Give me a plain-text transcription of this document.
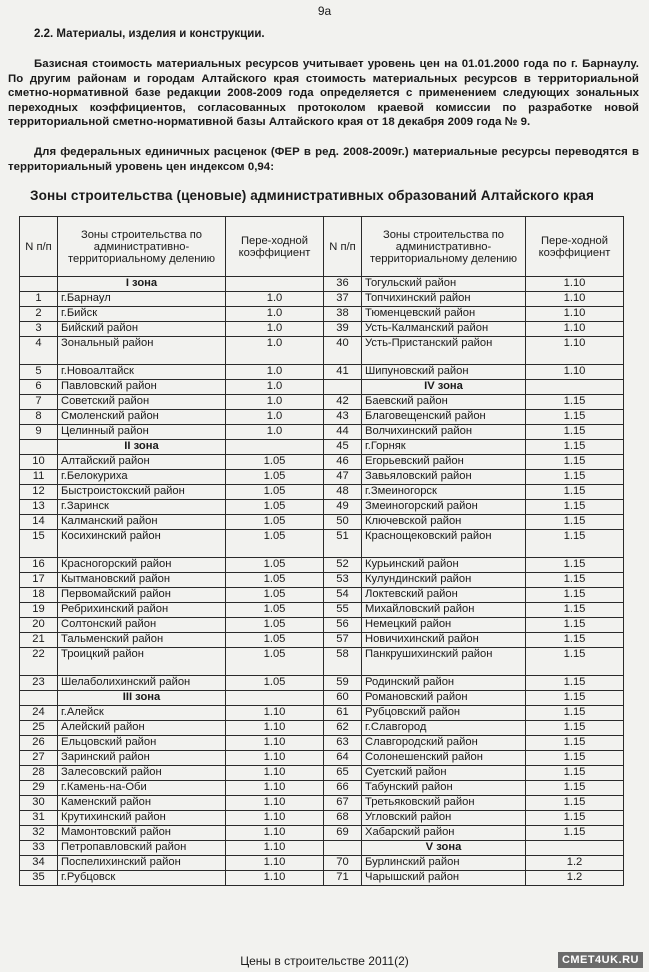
9а
2.2. Материалы, изделия и конструкции.
Базисная стоимость материальных ресурсов учитывает уровень цен на 01.01.2000 года по г. Барнаулу. По другим районам и городам Алтайского края стоимость материальных ресурсов в территориальной сметно-нормативной базе редакции 2008-2009 года определяется с применением следующих зональных переходных коэффициентов, согласованных протоколом краевой комиссии по разработке новой территориальной сметно-нормативной базы Алтайского края от 18 декабря 2009 года № 9.
Для федеральных единичных расценок (ФЕР в ред. 2008-2009г.) материальные ресурсы переводятся в территориальный уровень цен индексом 0,94:
Зоны строительства (ценовые) административных образований Алтайского края
N п/п	Зоны строительства по административно-территориальному делению	Пере-ходной коэффициент	N п/п	Зоны строительства по административно-территориальному делению	Пере-ходной коэффициент
	I зона		36	Тогульский район	1.10
1	г.Барнаул	1.0	37	Топчихинский район	1.10
2	г.Бийск	1.0	38	Тюменцевский район	1.10
3	Бийский район	1.0	39	Усть-Калманский район	1.10
4	Зональный район	1.0	40	Усть-Пристанский район	1.10
5	г.Новоалтайск	1.0	41	Шипуновский район	1.10
6	Павловский район	1.0		IV зона	
7	Советский район	1.0	42	Баевский район	1.15
8	Смоленский район	1.0	43	Благовещенский район	1.15
9	Целинный район	1.0	44	Волчихинский район	1.15
	II зона		45	г.Горняк	1.15
10	Алтайский район	1.05	46	Егорьевский район	1.15
11	г.Белокуриха	1.05	47	Завьяловский район	1.15
12	Быстроистокский район	1.05	48	г.Змеиногорск	1.15
13	г.Заринск	1.05	49	Змеиногорский район	1.15
14	Калманский район	1.05	50	Ключевской район	1.15
15	Косихинский район	1.05	51	Краснощековский район	1.15
16	Красногорский район	1.05	52	Курьинский район	1.15
17	Кытмановский район	1.05	53	Кулундинский район	1.15
18	Первомайский район	1.05	54	Локтевский район	1.15
19	Ребрихинский район	1.05	55	Михайловский район	1.15
20	Солтонский район	1.05	56	Немецкий район	1.15
21	Тальменский район	1.05	57	Новичихинский район	1.15
22	Троицкий район	1.05	58	Панкрушихинский район	1.15
23	Шелаболихинский район	1.05	59	Родинский район	1.15
	III зона		60	Романовский район	1.15
24	г.Алейск	1.10	61	Рубцовский район	1.15
25	Алейский район	1.10	62	г.Славгород	1.15
26	Ельцовский район	1.10	63	Славгородский район	1.15
27	Заринский район	1.10	64	Солонешенский район	1.15
28	Залесовский район	1.10	65	Суетский район	1.15
29	г.Камень-на-Оби	1.10	66	Табунский район	1.15
30	Каменский район	1.10	67	Третьяковский район	1.15
31	Крутихинский район	1.10	68	Угловский район	1.15
32	Мамонтовский район	1.10	69	Хабарский район	1.15
33	Петропавловский район	1.10		V зона	
34	Поспелихинский район	1.10	70	Бурлинский район	1.2
35	г.Рубцовск	1.10	71	Чарышский район	1.2
Цены в строительстве 2011(2)	СМЕТ4UK.RU
